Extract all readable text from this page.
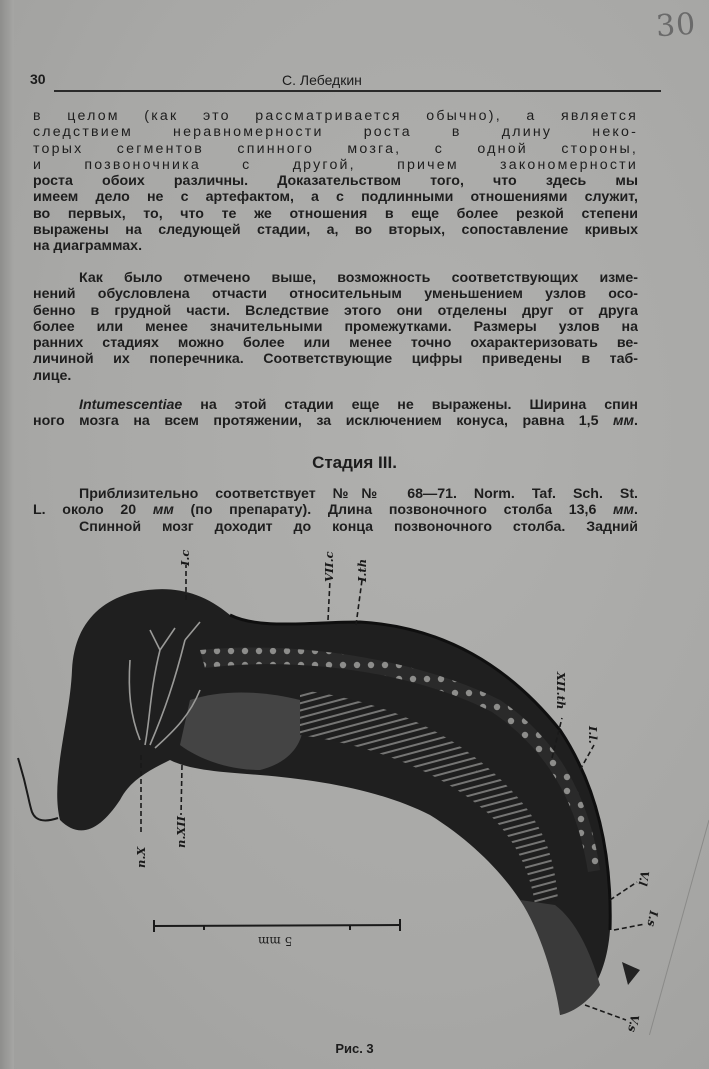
30
30	С. Лебедкин
в целом (как это рассматривается обычно), а является
следствием неравномерности роста в длину неко-
торых сегментов спинного мозга, с одной стороны,
и позвоночника с другой, причем закономерности
роста обоих различны. Доказательством того, что здесь мы
имеем дело не с артефактом, а с подлинными отношениями служит,
во первых, то, что те же отношения в еще более резкой степени
выражены на следующей стадии, а, во вторых, сопоставление кривых
на диаграммах.
Как было отмечено выше, возможность соответствующих изме-
нений обусловлена отчасти относительным уменьшением узлов осо-
бенно в грудной части. Вследствие этого они отделены друг от друга
более или менее значительными промежутками. Размеры узлов на
ранних стадиях можно более или менее точно охарактеризовать ве-
личиной их поперечника. Соответствующие цифры приведены в таб-
лице.
Intumescentiae на этой стадии еще не выражены. Ширина спин
ного мозга на всем протяжении, за исключением конуса, равна 1,5 мм.
Стадия III.
Приблизительно соответствует №№ 68—71. Norm. Taf. Sch. St.
L. около 20 мм (по препарату). Длина позвоночного столба 13,6 мм.
Спинной мозг доходит до конца позвоночного столба. Задний
I.c	VII.c I.th
XII.th
I.l.
n.X
n.XII
V.l
I.s
V.s
5 mm
Рис. 3
